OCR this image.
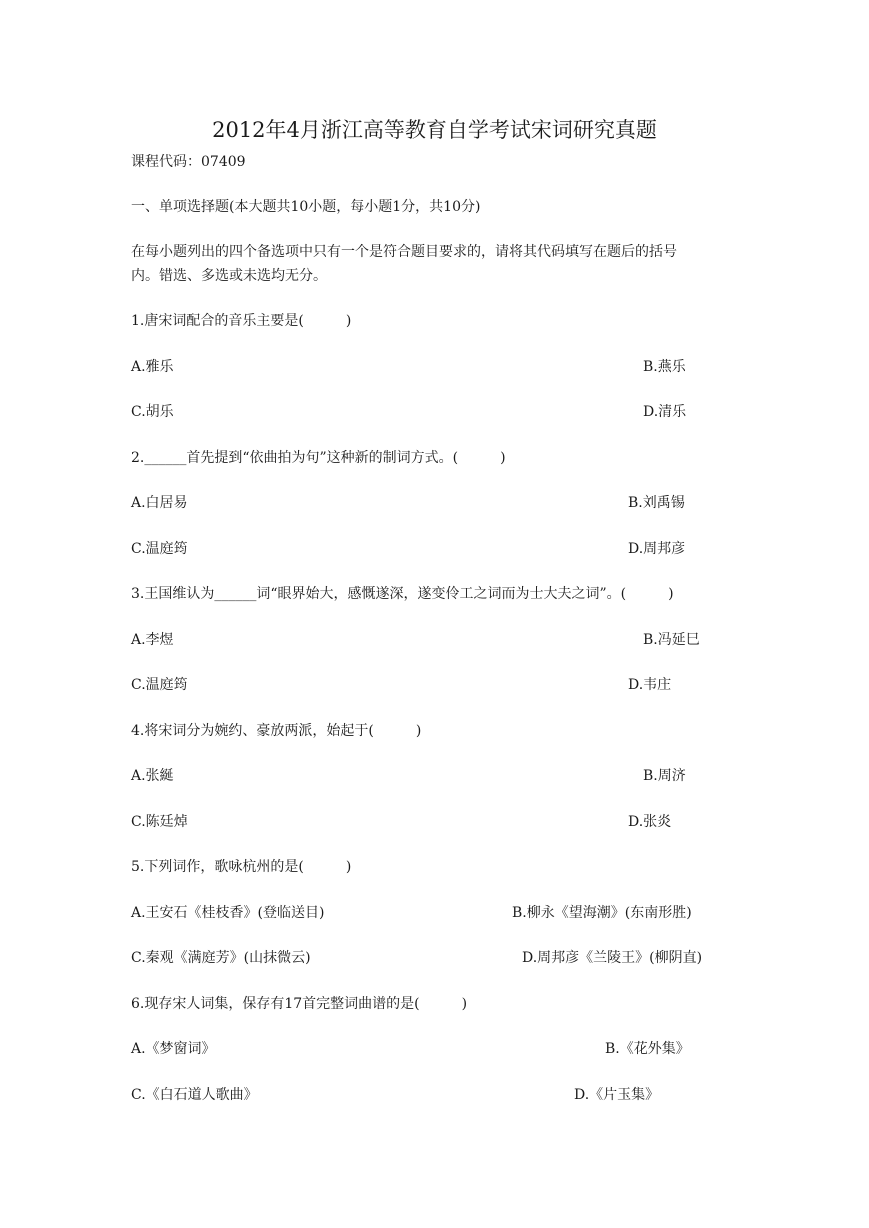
2012年4月浙江高等教育自学考试宋词研究真题
课程代码：07409
一、单项选择题(本大题共10小题，每小题1分，共10分)
在每小题列出的四个备选项中只有一个是符合题目要求的，请将其代码填写在题后的括号
内。错选、多选或未选均无分。
1.唐宋词配合的音乐主要是(　　　)
A.雅乐	B.燕乐
C.胡乐	D.清乐
2.______首先提到“依曲拍为句”这种新的制词方式。(　　　)
A.白居易	B.刘禹锡
C.温庭筠	D.周邦彦
3.王国维认为______词“眼界始大，感慨遂深，遂变伶工之词而为士大夫之词”。(　　　)
A.李煜	B.冯延巳
C.温庭筠	D.韦庄
4.将宋词分为婉约、豪放两派，始起于(　　　)
A.张綖	B.周济
C.陈廷焯	D.张炎
5.下列词作，歌咏杭州的是(　　　)
A.王安石《桂枝香》(登临送目)	B.柳永《望海潮》(东南形胜)
C.秦观《满庭芳》(山抹微云)	D.周邦彦《兰陵王》(柳阴直)
6.现存宋人词集，保存有17首完整词曲谱的是(　　　)
A.《梦窗词》	B.《花外集》
C.《白石道人歌曲》	D.《片玉集》
